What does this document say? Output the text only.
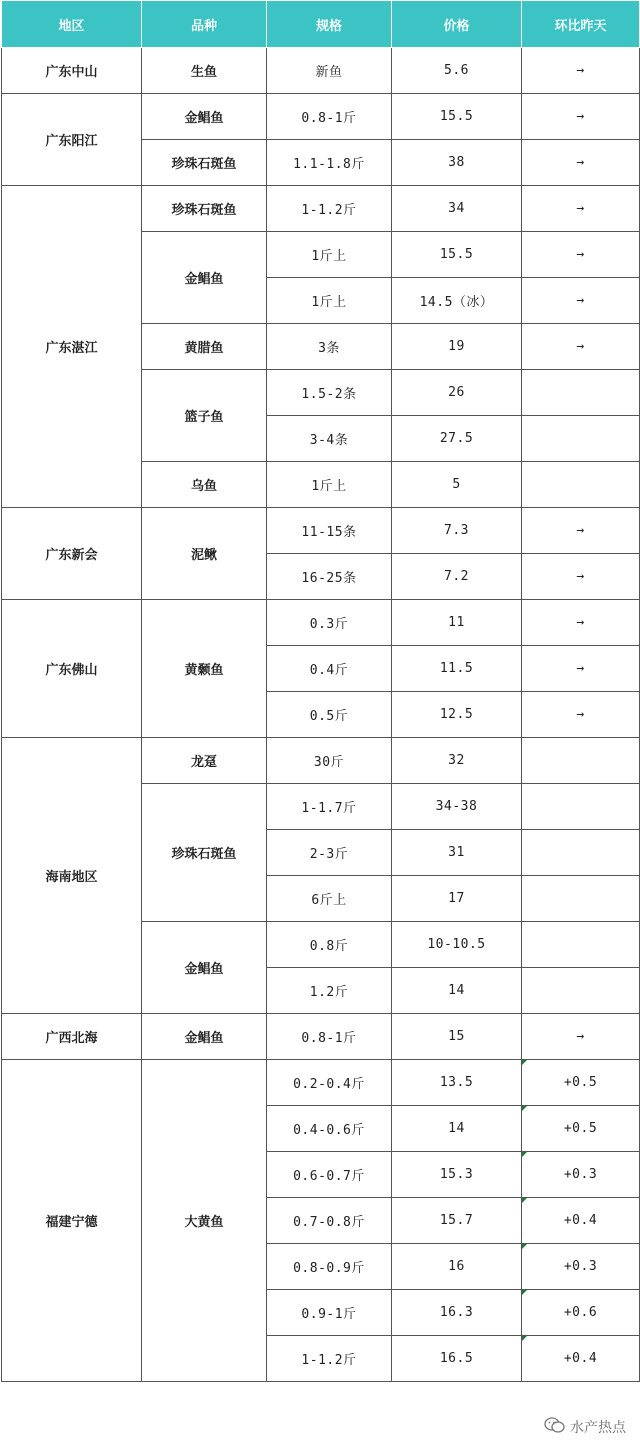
地区	品种	规格	价格	环比昨天
广东中山	生鱼	新鱼	5.6	→
广东阳江	金鲳鱼	0.8-1斤	15.5	→
	珍珠石斑鱼	1.1-1.8斤	38	→
广东湛江	珍珠石斑鱼	1-1.2斤	34	→
	金鲳鱼	1斤上	15.5	→
		1斤上	14.5（冰）	→
	黄腊鱼	3条	19	→
	篮子鱼	1.5-2条	26	
		3-4条	27.5	
	乌鱼	1斤上	5	
广东新会	泥鳅	11-15条	7.3	→
		16-25条	7.2	→
广东佛山	黄颡鱼	0.3斤	11	→
		0.4斤	11.5	→
		0.5斤	12.5	→
海南地区	龙趸	30斤	32	
	珍珠石斑鱼	1-1.7斤	34-38	
		2-3斤	31	
		6斤上	17	
	金鲳鱼	0.8斤	10-10.5	
		1.2斤	14	
广西北海	金鲳鱼	0.8-1斤	15	→
福建宁德	大黄鱼	0.2-0.4斤	13.5	+0.5
		0.4-0.6斤	14	+0.5
		0.6-0.7斤	15.3	+0.3
		0.7-0.8斤	15.7	+0.4
		0.8-0.9斤	16	+0.3
		0.9-1斤	16.3	+0.6
		1-1.2斤	16.5	+0.4
水产热点
